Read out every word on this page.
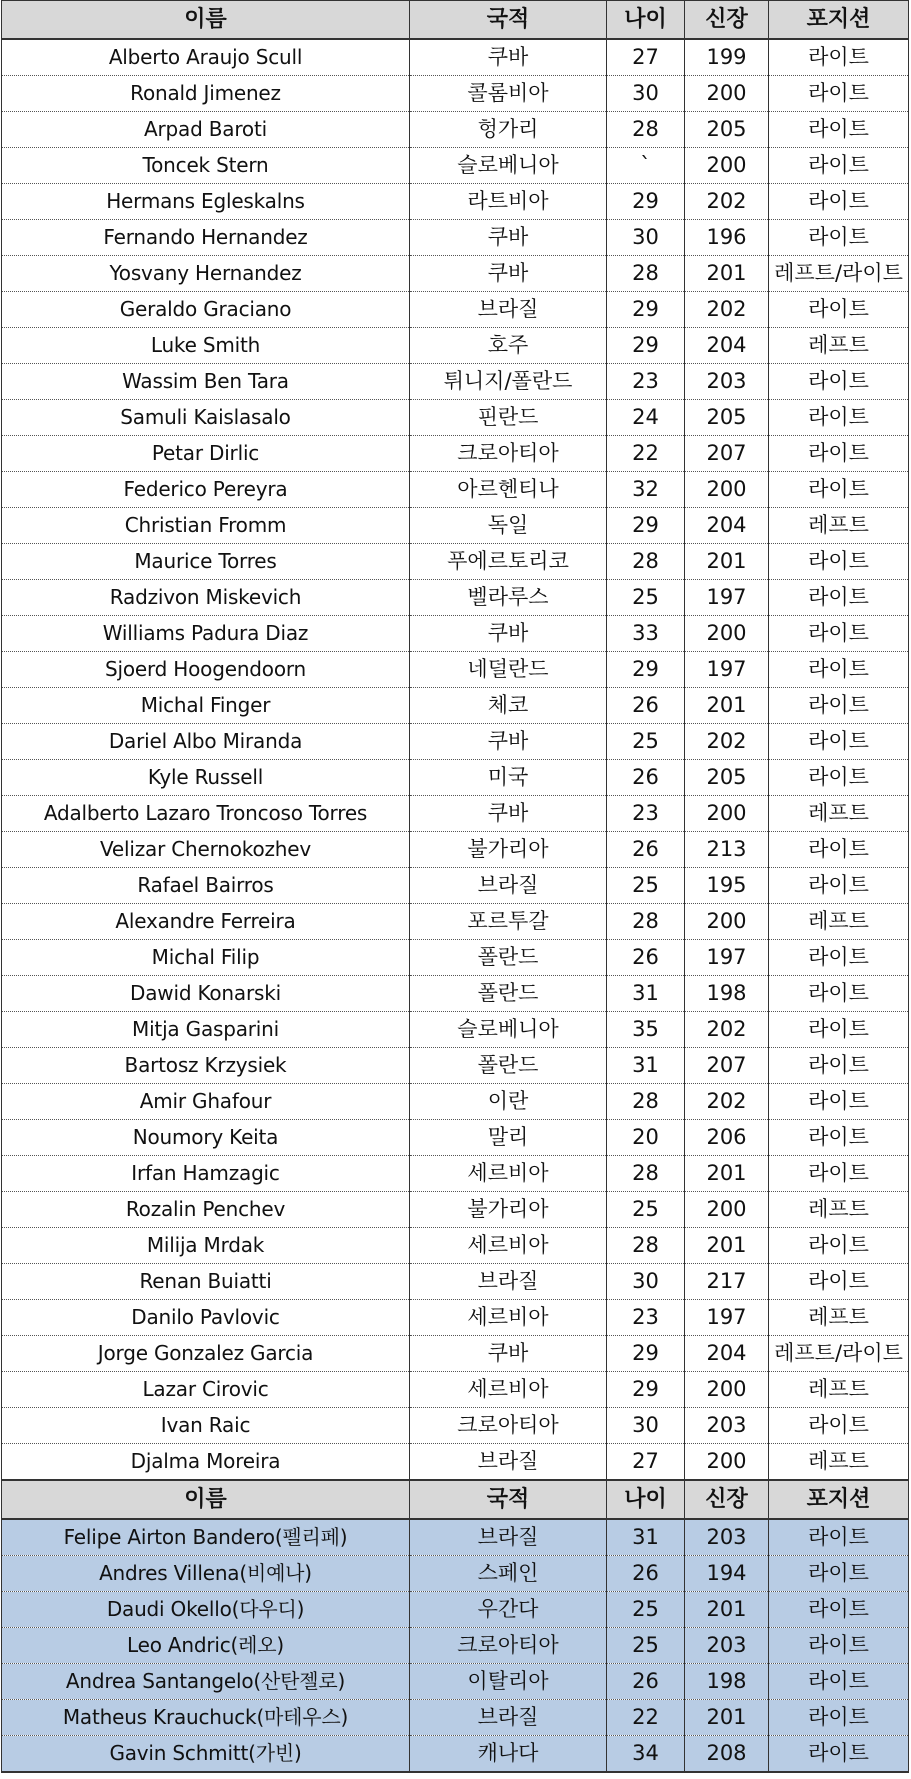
이름	국적	나이	신장	포지션
Alberto Araujo Scull	쿠바	27	199	라이트
Ronald Jimenez	콜롬비아	30	200	라이트
Arpad Baroti	헝가리	28	205	라이트
Toncek Stern	슬로베니아	`	200	라이트
Hermans Egleskalns	라트비아	29	202	라이트
Fernando Hernandez	쿠바	30	196	라이트
Yosvany Hernandez	쿠바	28	201	레프트/라이트
Geraldo Graciano	브라질	29	202	라이트
Luke Smith	호주	29	204	레프트
Wassim Ben Tara	튀니지/폴란드	23	203	라이트
Samuli Kaislasalo	핀란드	24	205	라이트
Petar Dirlic	크로아티아	22	207	라이트
Federico Pereyra	아르헨티나	32	200	라이트
Christian Fromm	독일	29	204	레프트
Maurice Torres	푸에르토리코	28	201	라이트
Radzivon Miskevich	벨라루스	25	197	라이트
Williams Padura Diaz	쿠바	33	200	라이트
Sjoerd Hoogendoorn	네덜란드	29	197	라이트
Michal Finger	체코	26	201	라이트
Dariel Albo Miranda	쿠바	25	202	라이트
Kyle Russell	미국	26	205	라이트
Adalberto Lazaro Troncoso Torres	쿠바	23	200	레프트
Velizar Chernokozhev	불가리아	26	213	라이트
Rafael Bairros	브라질	25	195	라이트
Alexandre Ferreira	포르투갈	28	200	레프트
Michal Filip	폴란드	26	197	라이트
Dawid Konarski	폴란드	31	198	라이트
Mitja Gasparini	슬로베니아	35	202	라이트
Bartosz Krzysiek	폴란드	31	207	라이트
Amir Ghafour	이란	28	202	라이트
Noumory Keita	말리	20	206	라이트
Irfan Hamzagic	세르비아	28	201	라이트
Rozalin Penchev	불가리아	25	200	레프트
Milija Mrdak	세르비아	28	201	라이트
Renan Buiatti	브라질	30	217	라이트
Danilo Pavlovic	세르비아	23	197	레프트
Jorge Gonzalez Garcia	쿠바	29	204	레프트/라이트
Lazar Cirovic	세르비아	29	200	레프트
Ivan Raic	크로아티아	30	203	라이트
Djalma Moreira	브라질	27	200	레프트
이름	국적	나이	신장	포지션
Felipe Airton Bandero(펠리페)	브라질	31	203	라이트
Andres Villena(비예나)	스페인	26	194	라이트
Daudi Okello(다우디)	우간다	25	201	라이트
Leo Andric(레오)	크로아티아	25	203	라이트
Andrea Santangelo(산탄젤로)	이탈리아	26	198	라이트
Matheus Krauchuck(마테우스)	브라질	22	201	라이트
Gavin Schmitt(가빈)	캐나다	34	208	라이트
